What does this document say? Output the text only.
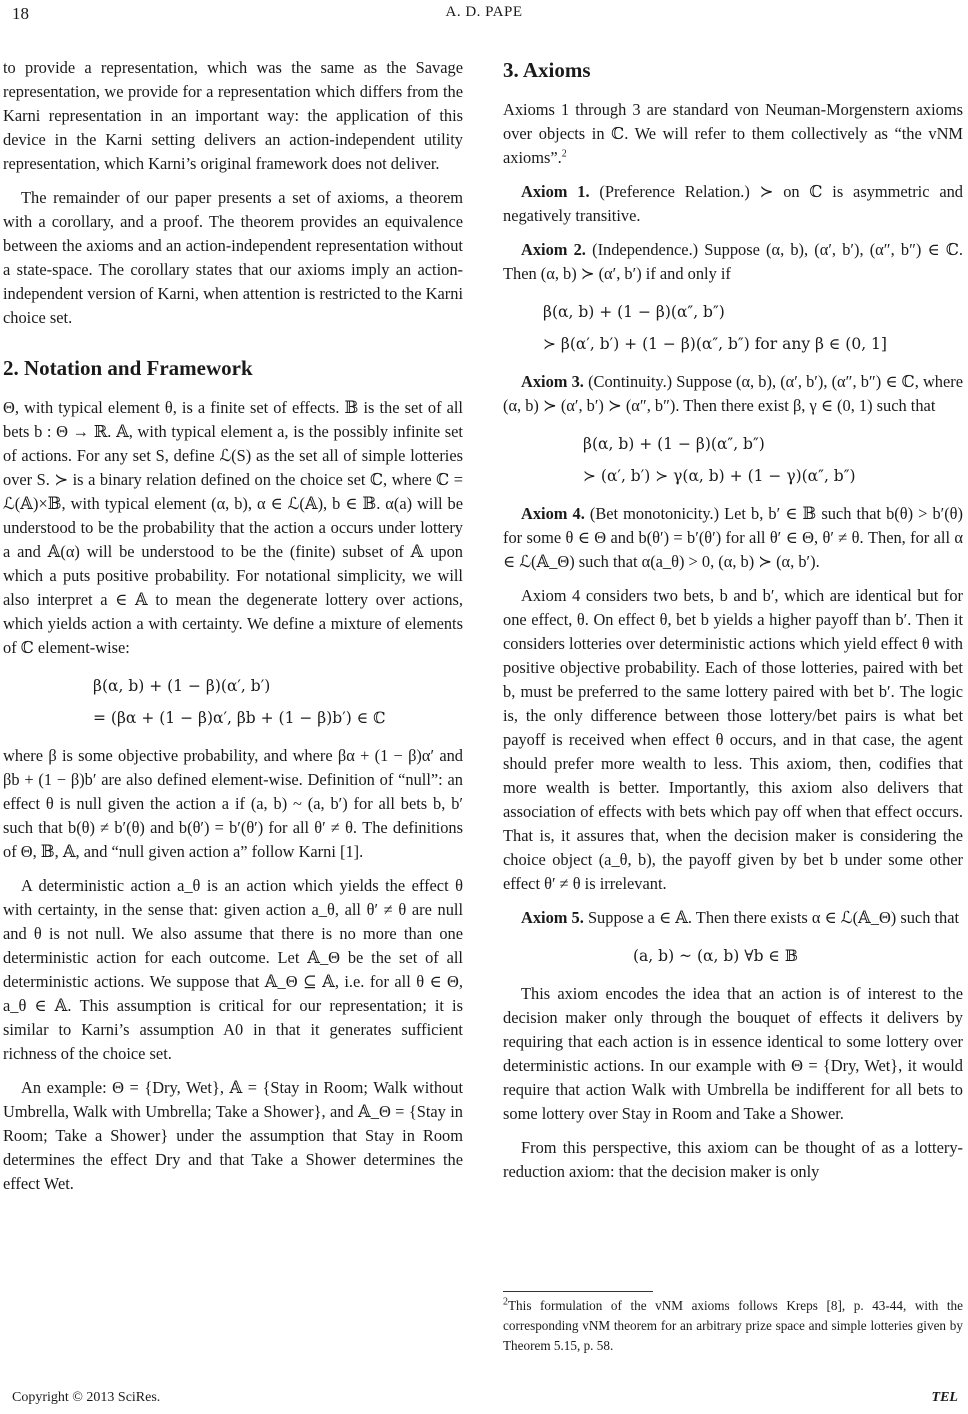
18	A. D. PAPE

to provide a representation, which was the same as the Savage representation, we provide for a representation which differs from the Karni representation in an important way: the application of this device in the Karni setting delivers an action-independent utility representation, which Karni’s original framework does not deliver.

The remainder of our paper presents a set of axioms, a theorem with a corollary, and a proof. The theorem provides an equivalence between the axioms and an action-independent representation without a state-space. The corollary states that our axioms imply an action-independent version of Karni, when attention is restricted to the Karni choice set.

2. Notation and Framework

Θ, with typical element θ, is a finite set of effects. 𝔹 is the set of all bets b : Θ → ℝ. 𝔸, with typical element a, is the possibly infinite set of actions. For any set S, define ℒ(S) as the set all of simple lotteries over S. ≻ is a binary relation defined on the choice set ℂ, where ℂ = ℒ(𝔸)×𝔹, with typical element (α, b), α ∈ ℒ(𝔸), b ∈ 𝔹. α(a) will be understood to be the probability that the action a occurs under lottery a and 𝔸(α) will be understood to be the (finite) subset of 𝔸 upon which a puts positive probability. For notational simplicity, we will also interpret a ∈ 𝔸 to mean the degenerate lottery over actions, which yields action a with certainty. We define a mixture of elements of ℂ element-wise:

β(α, b) + (1 − β)(α′, b′)
= (βα + (1 − β)α′, βb + (1 − β)b′) ∈ ℂ

where β is some objective probability, and where βα + (1 − β)α′ and βb + (1 − β)b′ are also defined element-wise. Definition of “null”: an effect θ is null given the action a if (a, b) ~ (a, b′) for all bets b, b′ such that b(θ) ≠ b′(θ) and b(θ′) = b′(θ′) for all θ′ ≠ θ. The definitions of Θ, 𝔹, 𝔸, and “null given action a” follow Karni [1].

A deterministic action a_θ is an action which yields the effect θ with certainty, in the sense that: given action a_θ, all θ′ ≠ θ are null and θ is not null. We also assume that there is no more than one deterministic action for each outcome. Let 𝔸_Θ be the set of all deterministic actions. We suppose that 𝔸_Θ ⊆ 𝔸, i.e. for all θ ∈ Θ, a_θ ∈ 𝔸. This assumption is critical for our representation; it is similar to Karni’s assumption A0 in that it generates sufficient richness of the choice set.

An example: Θ = {Dry, Wet}, 𝔸 = {Stay in Room; Walk without Umbrella, Walk with Umbrella; Take a Shower}, and 𝔸_Θ = {Stay in Room; Take a Shower} under the assumption that Stay in Room determines the effect Dry and that Take a Shower determines the effect Wet.

3. Axioms

Axioms 1 through 3 are standard von Neuman-Morgenstern axioms over objects in ℂ. We will refer to them collectively as “the vNM axioms”.$^2$

Axiom 1. (Preference Relation.) ≻ on ℂ is asymmetric and negatively transitive.

Axiom 2. (Independence.) Suppose (α, b), (α′, b′), (α″, b″) ∈ ℂ. Then (α, b) ≻ (α′, b′) if and only if

β(α, b) + (1 − β)(α″, b″)
≻ β(α′, b′) + (1 − β)(α″, b″) for any β ∈ (0, 1]

Axiom 3. (Continuity.) Suppose (α, b), (α′, b′), (α″, b″) ∈ ℂ, where (α, b) ≻ (α′, b′) ≻ (α″, b″). Then there exist β, γ ∈ (0, 1) such that

β(α, b) + (1 − β)(α″, b″)
≻ (α′, b′) ≻ γ(α, b) + (1 − γ)(α″, b″)

Axiom 4. (Bet monotonicity.) Let b, b′ ∈ 𝔹 such that b(θ) > b′(θ) for some θ ∈ Θ and b(θ′) = b′(θ′) for all θ′ ∈ Θ, θ′ ≠ θ. Then, for all α ∈ ℒ(𝔸_Θ) such that α(a_θ) > 0, (α, b) ≻ (α, b′).

Axiom 4 considers two bets, b and b′, which are identical but for one effect, θ. On effect θ, bet b yields a higher payoff than b′. Then it considers lotteries over deterministic actions which yield effect θ with positive objective probability. Each of those lotteries, paired with bet b, must be preferred to the same lottery paired with bet b′. The logic is, the only difference between those lottery/bet pairs is what bet payoff is received when effect θ occurs, and in that case, the agent should prefer more wealth to less. This axiom, then, codifies that more wealth is better. Importantly, this axiom also delivers that association of effects with bets which pay off when that effect occurs. That is, it assures that, when the decision maker is considering the choice object (a_θ, b), the payoff given by bet b under some other effect θ′ ≠ θ is irrelevant.

Axiom 5. Suppose a ∈ 𝔸. Then there exists α ∈ ℒ(𝔸_Θ) such that

(a, b) ~ (α, b) ∀b ∈ 𝔹

This axiom encodes the idea that an action is of interest to the decision maker only through the bouquet of effects it delivers by requiring that each action is in essence identical to some lottery over deterministic actions. In our example with Θ = {Dry, Wet}, it would require that action Walk with Umbrella be indifferent for all bets to some lottery over Stay in Room and Take a Shower.

From this perspective, this axiom can be thought of as a lottery-reduction axiom: that the decision maker is only

$^2$This formulation of the vNM axioms follows Kreps [8], p. 43-44, with the corresponding vNM theorem for an arbitrary prize space and simple lotteries given by Theorem 5.15, p. 58.
Copyright © 2013 SciRes.	TEL
